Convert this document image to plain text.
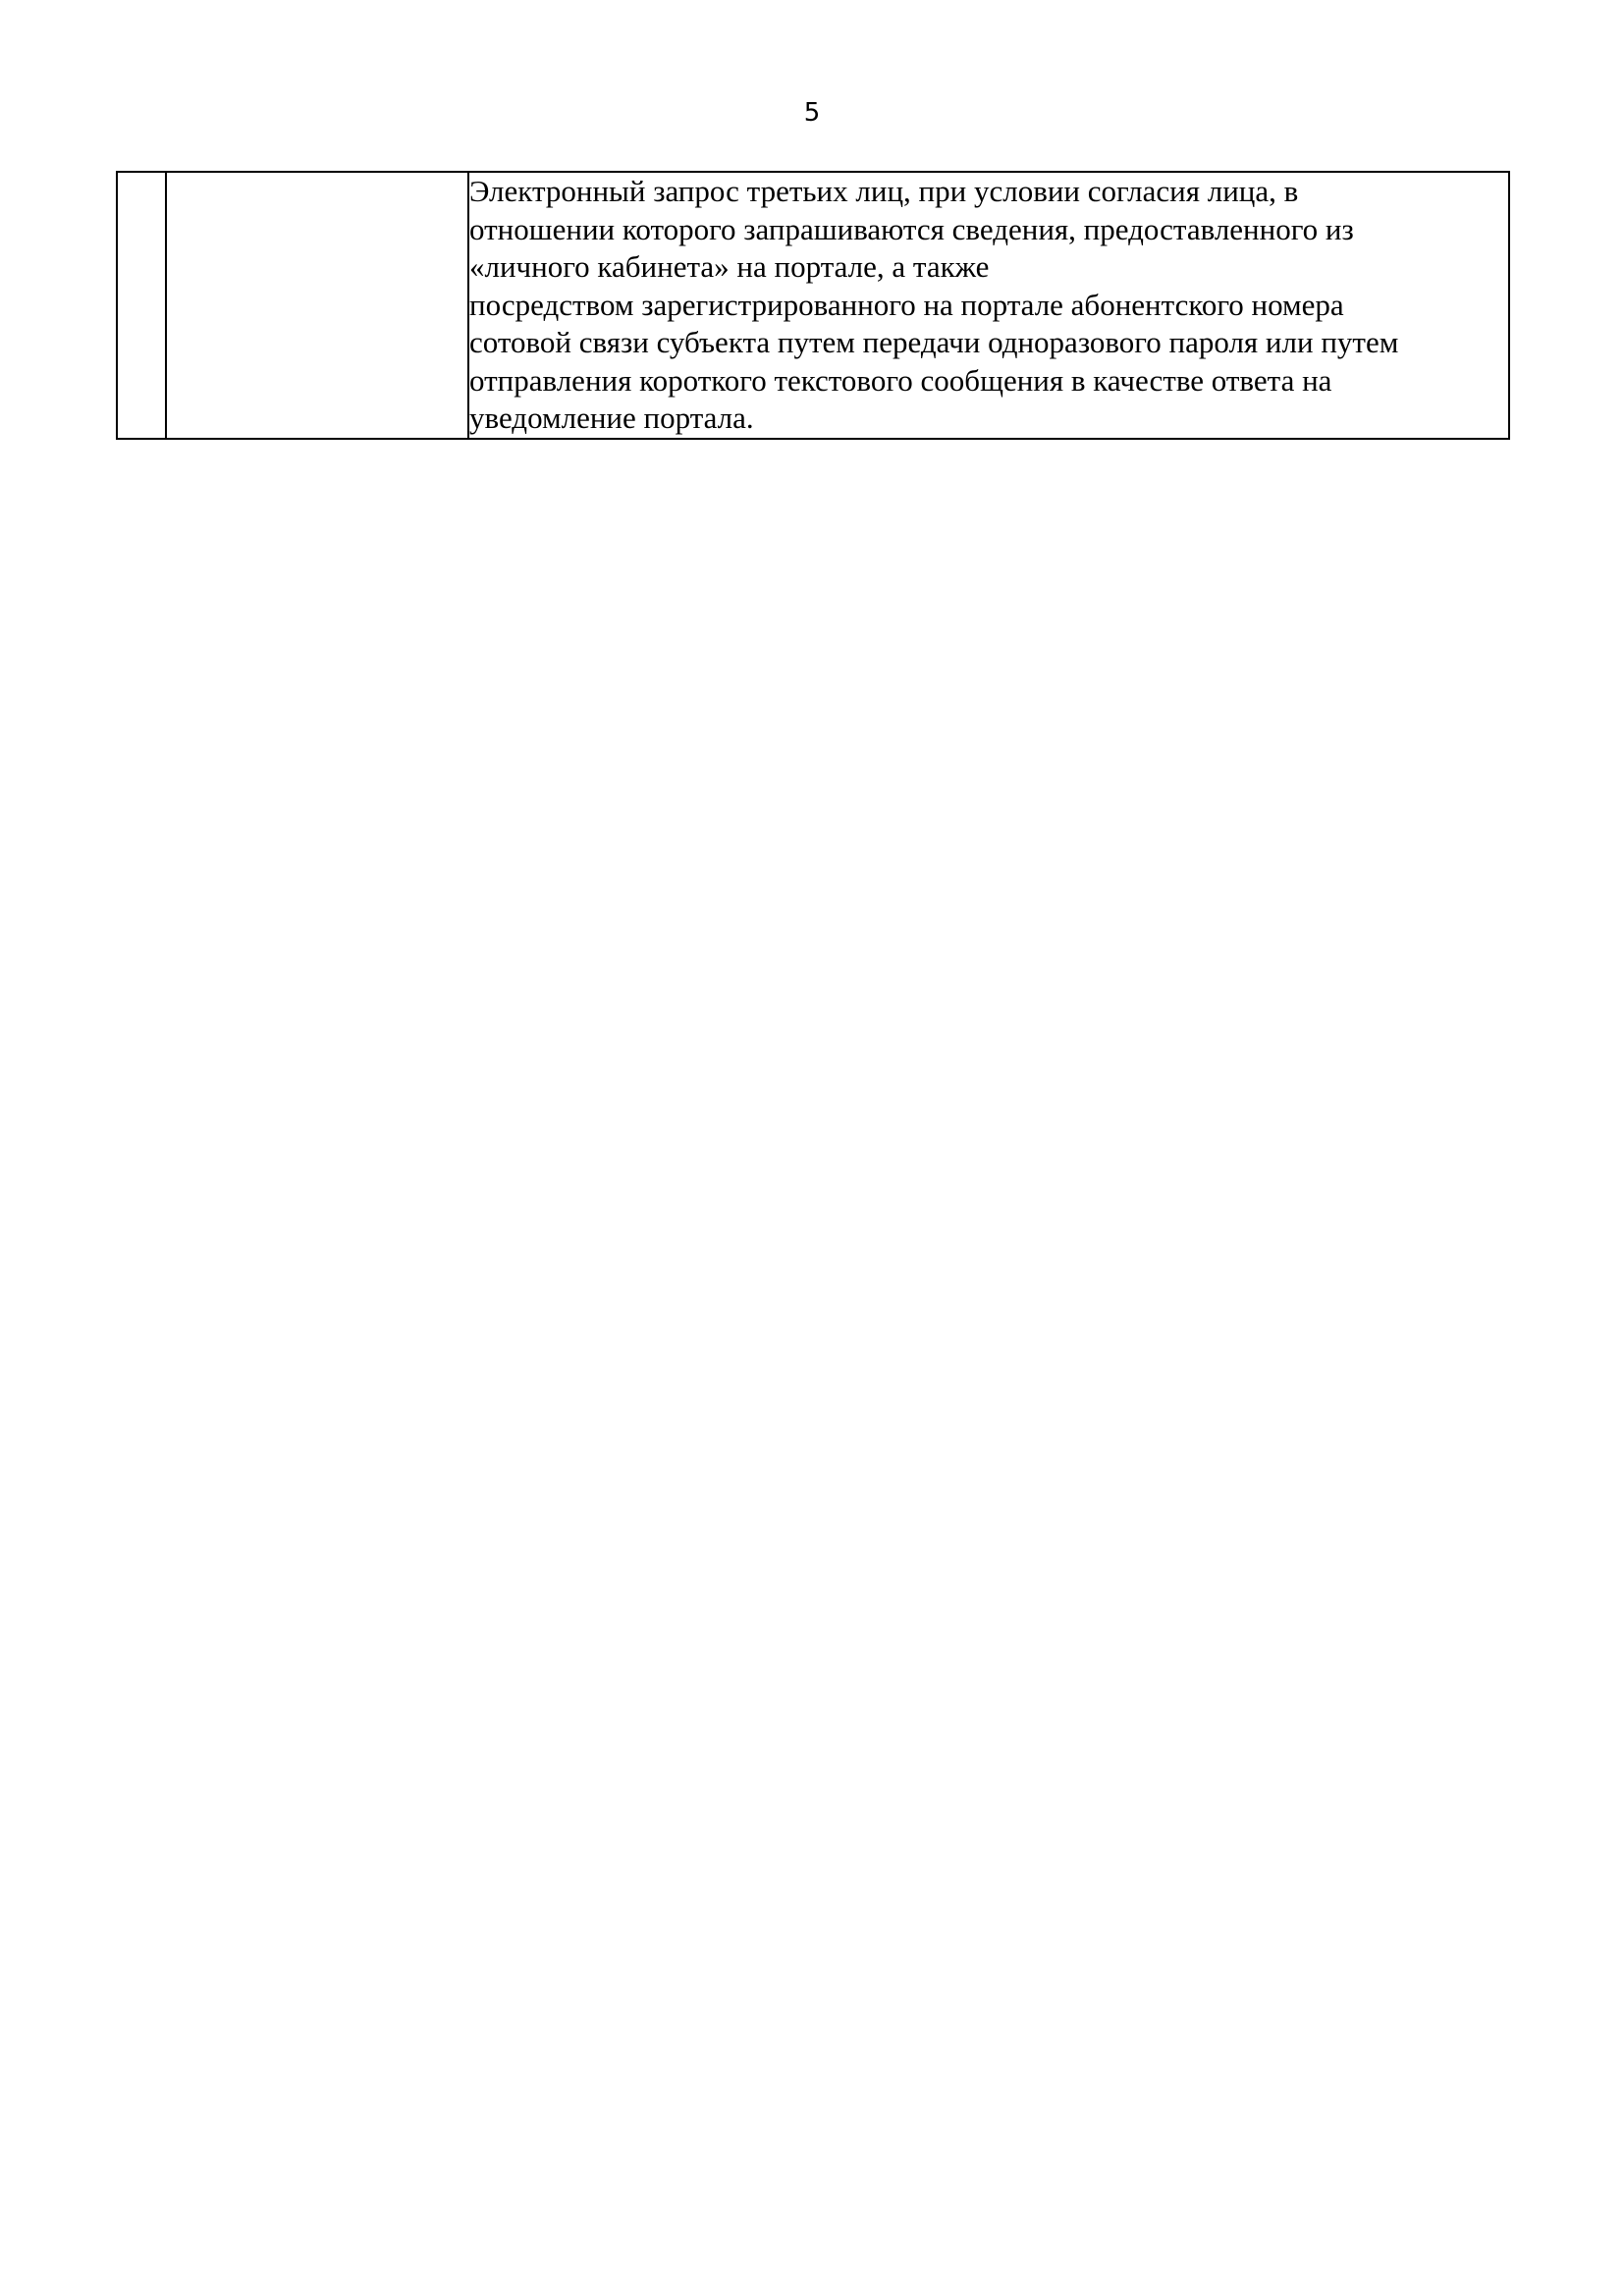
5
		Электронный запрос третьих лиц, при условии согласия лица, в
отношении которого запрашиваются сведения, предоставленного из
«личного кабинета» на портале, а также
посредством зарегистрированного на портале абонентского номера
сотовой связи субъекта путем передачи одноразового пароля или путем
отправления короткого текстового сообщения в качестве ответа на
уведомление портала.
